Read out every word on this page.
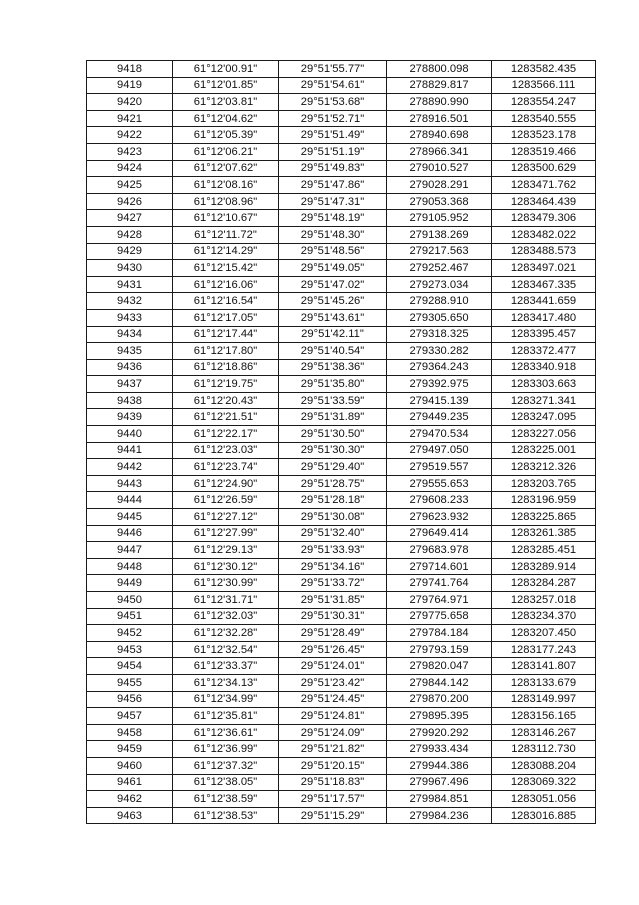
9418	61°12'00.91"	29°51'55.77"	278800.098	1283582.435
9419	61°12'01.85"	29°51'54.61"	278829.817	1283566.111
9420	61°12'03.81"	29°51'53.68"	278890.990	1283554.247
9421	61°12'04.62"	29°51'52.71"	278916.501	1283540.555
9422	61°12'05.39"	29°51'51.49"	278940.698	1283523.178
9423	61°12'06.21"	29°51'51.19"	278966.341	1283519.466
9424	61°12'07.62"	29°51'49.83"	279010.527	1283500.629
9425	61°12'08.16"	29°51'47.86"	279028.291	1283471.762
9426	61°12'08.96"	29°51'47.31"	279053.368	1283464.439
9427	61°12'10.67"	29°51'48.19"	279105.952	1283479.306
9428	61°12'11.72"	29°51'48.30"	279138.269	1283482.022
9429	61°12'14.29"	29°51'48.56"	279217.563	1283488.573
9430	61°12'15.42"	29°51'49.05"	279252.467	1283497.021
9431	61°12'16.06"	29°51'47.02"	279273.034	1283467.335
9432	61°12'16.54"	29°51'45.26"	279288.910	1283441.659
9433	61°12'17.05"	29°51'43.61"	279305.650	1283417.480
9434	61°12'17.44"	29°51'42.11"	279318.325	1283395.457
9435	61°12'17.80"	29°51'40.54"	279330.282	1283372.477
9436	61°12'18.86"	29°51'38.36"	279364.243	1283340.918
9437	61°12'19.75"	29°51'35.80"	279392.975	1283303.663
9438	61°12'20.43"	29°51'33.59"	279415.139	1283271.341
9439	61°12'21.51"	29°51'31.89"	279449.235	1283247.095
9440	61°12'22.17"	29°51'30.50"	279470.534	1283227.056
9441	61°12'23.03"	29°51'30.30"	279497.050	1283225.001
9442	61°12'23.74"	29°51'29.40"	279519.557	1283212.326
9443	61°12'24.90"	29°51'28.75"	279555.653	1283203.765
9444	61°12'26.59"	29°51'28.18"	279608.233	1283196.959
9445	61°12'27.12"	29°51'30.08"	279623.932	1283225.865
9446	61°12'27.99"	29°51'32.40"	279649.414	1283261.385
9447	61°12'29.13"	29°51'33.93"	279683.978	1283285.451
9448	61°12'30.12"	29°51'34.16"	279714.601	1283289.914
9449	61°12'30.99"	29°51'33.72"	279741.764	1283284.287
9450	61°12'31.71"	29°51'31.85"	279764.971	1283257.018
9451	61°12'32.03"	29°51'30.31"	279775.658	1283234.370
9452	61°12'32.28"	29°51'28.49"	279784.184	1283207.450
9453	61°12'32.54"	29°51'26.45"	279793.159	1283177.243
9454	61°12'33.37"	29°51'24.01"	279820.047	1283141.807
9455	61°12'34.13"	29°51'23.42"	279844.142	1283133.679
9456	61°12'34.99"	29°51'24.45"	279870.200	1283149.997
9457	61°12'35.81"	29°51'24.81"	279895.395	1283156.165
9458	61°12'36.61"	29°51'24.09"	279920.292	1283146.267
9459	61°12'36.99"	29°51'21.82"	279933.434	1283112.730
9460	61°12'37.32"	29°51'20.15"	279944.386	1283088.204
9461	61°12'38.05"	29°51'18.83"	279967.496	1283069.322
9462	61°12'38.59"	29°51'17.57"	279984.851	1283051.056
9463	61°12'38.53"	29°51'15.29"	279984.236	1283016.885
